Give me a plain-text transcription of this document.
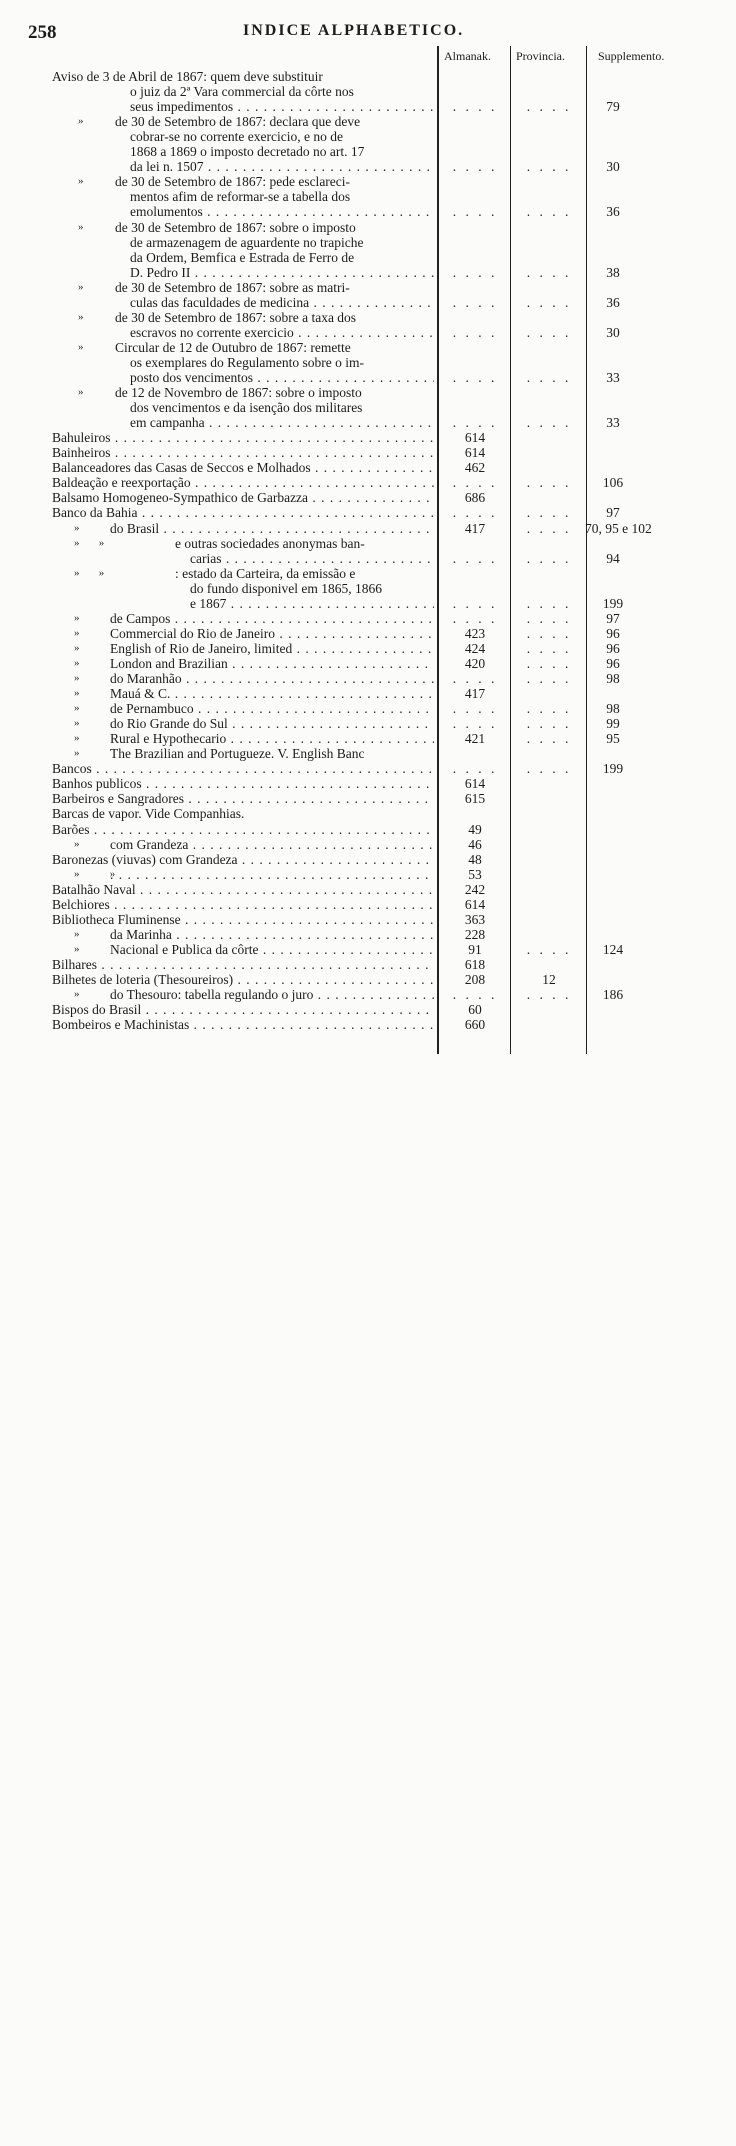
258	INDICE ALPHABETICO.
Almanak. Provincia.	Supplemento.
Aviso de 3 de Abril de 1867: quem deve substituir
o juiz da 2ª Vara commercial da côrte nos
seus impedimentos . . .	. . . .	. . . .	79
» de 30 de Setembro de 1867: declara que deve
cobrar-se no corrente exercicio, e no de
1868 a 1869 o imposto decretado no art. 17
da lei n. 1507 . . .	. . . .	. . . .	30
» de 30 de Setembro de 1867: pede esclareci-
mentos afim de reformar-se a tabella dos
emolumentos . . .	. . . .	. . . .	36
» de 30 de Setembro de 1867: sobre o imposto
de armazenagem de aguardente no trapiche
da Ordem, Bemfica e Estrada de Ferro de
D. Pedro II . . .	. . . .	. . . .	38
» de 30 de Setembro de 1867: sobre as matri-
culas das faculdades de medicina . . .	. . . .	. . . .	36
» de 30 de Setembro de 1867: sobre a taxa dos
escravos no corrente exercicio . . .	. . . .	. . . .	30
» Circular de 12 de Outubro de 1867: remette
os exemplares do Regulamento sobre o im-
posto dos vencimentos . . .	. . . .	. . . .	33
» de 12 de Novembro de 1867: sobre o imposto
dos vencimentos e da isenção dos militares
em campanha . . .	. . . .	. . . .	33
Bahuleiros . . .	614
Bainheiros . . .	614
Balanceadores das Casas de Seccos e Molhados . . .	462
Baldeação e reexportação . . .	. . . .	. . . .	106
Balsamo Homogeneo-Sympathico de Garbazza . . .	686
Banco da Bahia . . .	. . . .	. . . .	97
» do Brasil . . .	417	. . . .	70, 95 e 102
»       »	e outras sociedades anonymas ban-
carias . . .	. . . .	. . . .	94
»       »	: estado da Carteira, da emissão e
do fundo disponivel em 1865, 1866
e 1867 . . .	. . . .	. . . .	199
» de Campos . . .	. . . .	. . . .	97
» Commercial do Rio de Janeiro . . .	423	. . . .	96
» English of Rio de Janeiro, limited . . .	424	. . . .	96
» London and Brazilian . . .	420	. . . .	96
» do Maranhão . . .	. . . .	. . . .	98
» Mauá & C. . . .	417
» de Pernambuco . . .	. . . .	. . . .	98
» do Rio Grande do Sul . . .	. . . .	. . . .	99
» Rural e Hypothecario . . .	421	. . . .	95
» The Brazilian and Portugueze. V. English Banc
Bancos . . .	. . . .	. . . .	199
Banhos publicos . . .	614
Barbeiros e Sangradores . . .	615
Barcas de vapor. Vide Companhias.
Barões . . .	49
» com Grandeza . . .	46
Baronezas (viuvas) com Grandeza . . .	48
»           » . . .	53
Batalhão Naval . . .	242
Belchiores . . .	614
Bibliotheca Fluminense . . .	363
» da Marinha . . .	228
» Nacional e Publica da côrte . . .	91	. . . .	124
Bilhares . . .	618
Bilhetes de loteria (Thesoureiros) . . .	208	12
» do Thesouro: tabella regulando o juro . . .	. . . .	. . . .	186
Bispos do Brasil . . .	60
Bombeiros e Machinistas . . .	660
